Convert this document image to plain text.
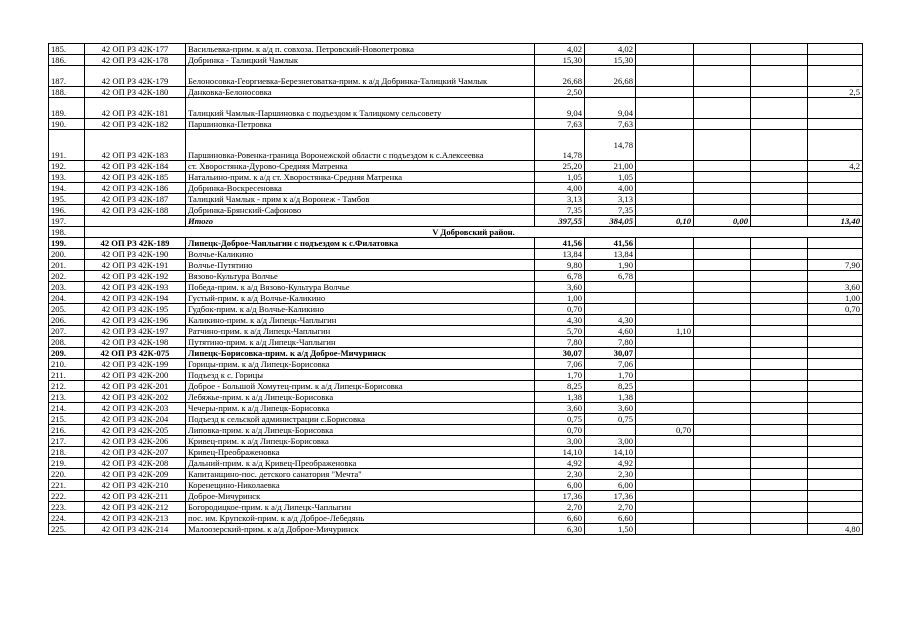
185.	42 ОП РЗ 42К-177	Васильевка-прим. к а/д п. совхоза. Петровский-Новопетровка	4,02	4,02				
186.	42 ОП РЗ 42К-178	Добринка - Талицкий Чамлык	15,30	15,30				
187.	42 ОП РЗ 42К-179	Белоносовка-Георгиевка-Березнеговатка-прим. к а/д Добринка-Талицкий Чамлык	26,68	26,68				
188.	42 ОП РЗ 42К-180	Данковка-Белоносовка	2,50					2,5
189.	42 ОП РЗ 42К-181	Талицкий Чамлык-Паршиновка с подъездом к Талицкому сельсовету	9,04	9,04				
190.	42 ОП РЗ 42К-182	Паршиновка-Петровка	7,63	7,63				
191.	42 ОП РЗ 42К-183	Паршиновка-Ровенка-граница Воронежской области с подъездом к с.Алексеевка	14,78	14,78				
192.	42 ОП РЗ 42К-184	ст. Хворостянка-Дурово-Средняя Матренка	25,20	21,00				4,2
193.	42 ОП РЗ 42К-185	Натальино-прим. к а/д ст. Хворостянка-Средняя Матренка	1,05	1,05				
194.	42 ОП РЗ 42К-186	Добринка-Воскресеновка	4,00	4,00				
195.	42 ОП РЗ 42К-187	Талицкий Чамлык - прим к а/д Воронеж - Тамбов	3,13	3,13				
196.	42 ОП РЗ 42К-188	Добринка-Брянский-Сафоново	7,35	7,35				
197.		Итого	397,55	384,05	0,10	0,00		13,40
198.	V Добровский район.							
199.	42 ОП РЗ 42К-189	Липецк-Доброе-Чаплыгин с подъездом к с.Филатовка	41,56	41,56				
200.	42 ОП РЗ 42К-190	Волчье-Каликино	13,84	13,84				
201.	42 ОП РЗ 42К-191	Волчье-Путятино	9,80	1,90				7,90
202.	42 ОП РЗ 42К-192	Вязово-Культура Волчье	6,78	6,78				
203.	42 ОП РЗ 42К-193	Победа-прим. к а/д Вязово-Культура Волчье	3,60					3,60
204.	42 ОП РЗ 42К-194	Густый-прим. к а/д Волчье-Каликино	1,00					1,00
205.	42 ОП РЗ 42К-195	Гудбок-прим. к а/д Волчье-Каликино	0,70					0,70
206.	42 ОП РЗ 42К-196	Каликино-прим. к а/д Липецк-Чаплыгин	4,30	4,30				
207.	42 ОП РЗ 42К-197	Ратчино-прим. к а/д Липецк-Чаплыгин	5,70	4,60	1,10			
208.	42 ОП РЗ 42К-198	Путятино-прим. к а/д Липецк-Чаплыгин	7,80	7,80				
209.	42 ОП РЗ 42К-075	Липецк-Борисовка-прим. к а/д Доброе-Мичуринск	30,07	30,07				
210.	42 ОП РЗ 42К-199	Горицы-прим. к а/д Липецк-Борисовка	7,06	7,06				
211.	42 ОП РЗ 42К-200	Подъезд к с. Горицы	1,70	1,70				
212.	42 ОП РЗ 42К-201	Доброе - Большой Хомутец-прим. к а/д Липецк-Борисовка	8,25	8,25				
213.	42 ОП РЗ 42К-202	Лебяжье-прим. к а/д Липецк-Борисовка	1,38	1,38				
214.	42 ОП РЗ 42К-203	Чечеры-прим. к а/д Липецк-Борисовка	3,60	3,60				
215.	42 ОП РЗ 42К-204	Подъезд к сельской администрации с.Борисовка	0,75	0,75				
216.	42 ОП РЗ 42К-205	Липовка-прим. к а/д Липецк-Борисовка	0,70		0,70			
217.	42 ОП РЗ 42К-206	Кривец-прим. к а/д Липецк-Борисовка	3,00	3,00				
218.	42 ОП РЗ 42К-207	Кривец-Преображеновка	14,10	14,10				
219.	42 ОП РЗ 42К-208	Дальний-прим. к а/д Кривец-Преображеновка	4,92	4,92				
220.	42 ОП РЗ 42К-209	Капитанщино-пос. детского санатория "Мечта"	2,30	2,30				
221.	42 ОП РЗ 42К-210	Коренещино-Николаевка	6,00	6,00				
222.	42 ОП РЗ 42К-211	Доброе-Мичуринск	17,36	17,36				
223.	42 ОП РЗ 42К-212	Богородицкое-прим. к а/д Липецк-Чаплыгин	2,70	2,70				
224.	42 ОП РЗ 42К-213	пос. им. Крупской-прим. к а/д Доброе-Лебедянь	6,60	6,60				
225.	42 ОП РЗ 42К-214	Малоозерский-прим. к а/д Доброе-Мичуринск	6,30	1,50				4,80
